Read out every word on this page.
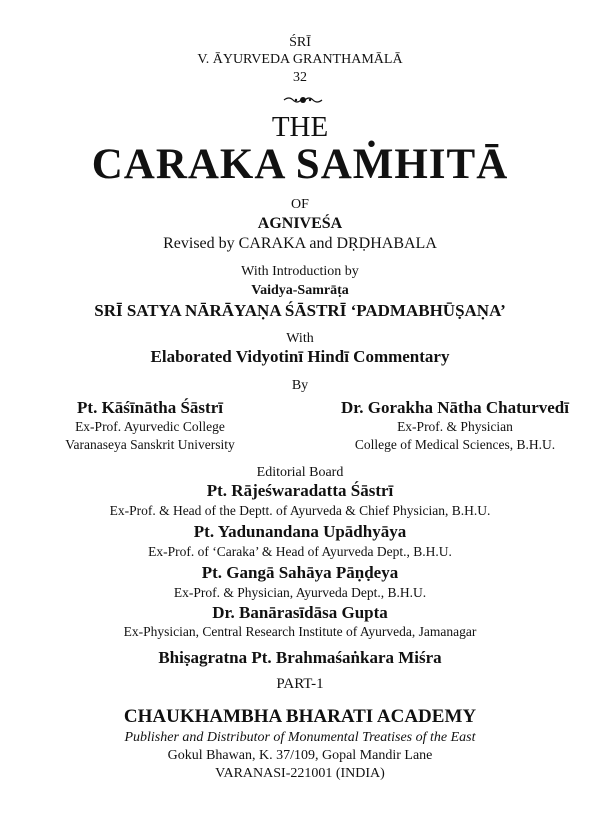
ŚRĪ
V. ĀYURVEDA GRANTHAMĀLĀ
32
THE
CARAKA SAṀHITĀ
OF
AGNIVEŚA
Revised by CARAKA and DṚḌHABALA
With Introduction by
Vaidya-Samrāṭa
SRĪ SATYA NĀRĀYAṆA ŚĀSTRĪ ‘PADMABHŪṢAṆA’
With
Elaborated Vidyotinī Hindī Commentary
By
Pt. Kāśīnātha Śāstrī
Ex-Prof. Ayurvedic College
Varanaseya Sanskrit University
Dr. Gorakha Nātha Chaturvedī
Ex-Prof. & Physician
College of Medical Sciences, B.H.U.
Editorial Board
Pt. Rājeśwaradatta Śāstrī
Ex-Prof. & Head of the Deptt. of Ayurveda & Chief Physician, B.H.U.
Pt. Yadunandana Upādhyāya
Ex-Prof. of ‘Caraka’ & Head of Ayurveda Dept., B.H.U.
Pt. Gangā Sahāya Pāṇḍeya
Ex-Prof. & Physician, Ayurveda Dept., B.H.U.
Dr. Banārasīdāsa Gupta
Ex-Physician, Central Research Institute of Ayurveda, Jamanagar
Bhiṣagratna Pt. Brahmaśaṅkara Miśra
PART-1
CHAUKHAMBHA BHARATI ACADEMY
Publisher and Distributor of Monumental Treatises of the East
Gokul Bhawan, K. 37/109, Gopal Mandir Lane
VARANASI-221001 (INDIA)
